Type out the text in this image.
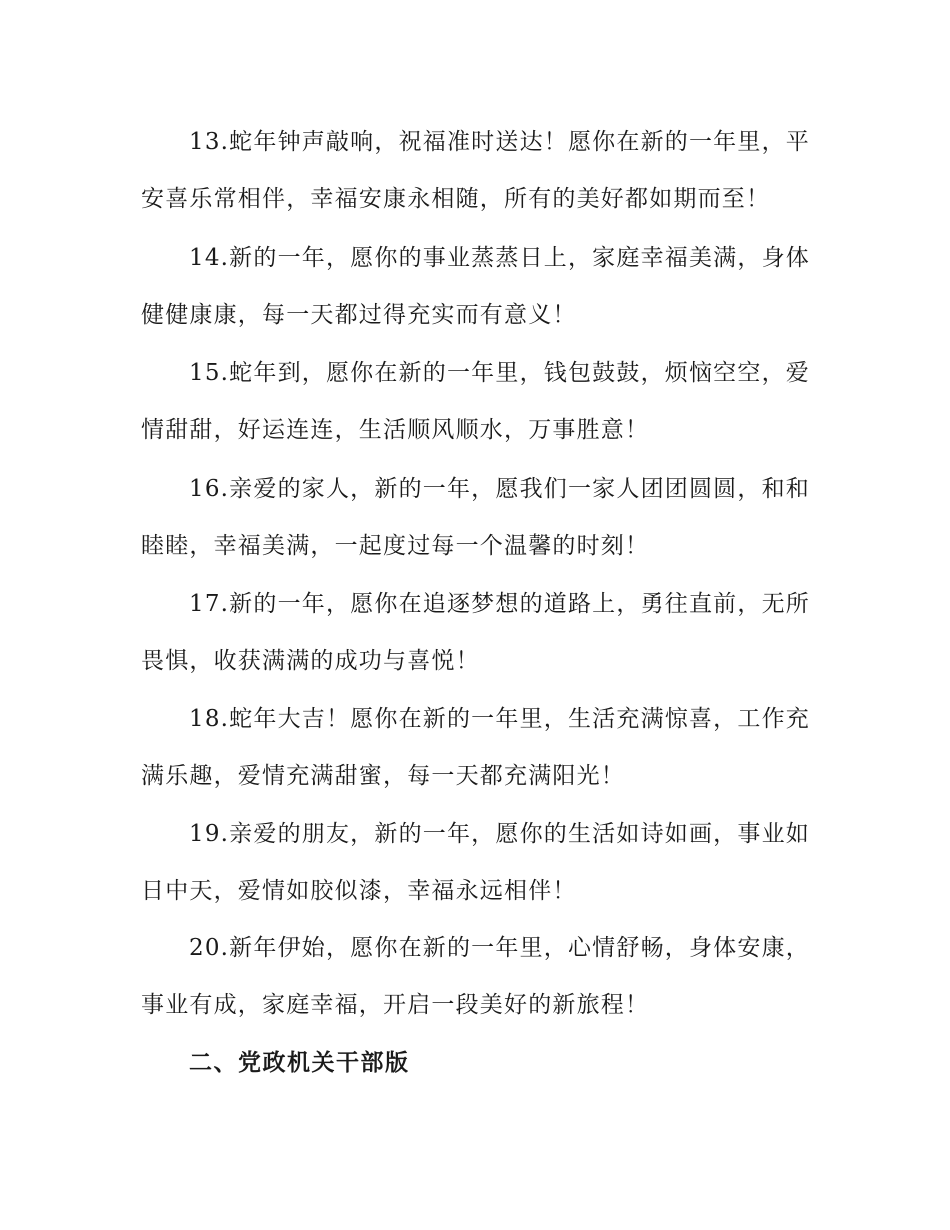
13.蛇年钟声敲响，祝福准时送达！愿你在新的一年里，平安喜乐常相伴，幸福安康永相随，所有的美好都如期而至！

14.新的一年，愿你的事业蒸蒸日上，家庭幸福美满，身体健健康康，每一天都过得充实而有意义！

15.蛇年到，愿你在新的一年里，钱包鼓鼓，烦恼空空，爱情甜甜，好运连连，生活顺风顺水，万事胜意！

16.亲爱的家人，新的一年，愿我们一家人团团圆圆，和和睦睦，幸福美满，一起度过每一个温馨的时刻！

17.新的一年，愿你在追逐梦想的道路上，勇往直前，无所畏惧，收获满满的成功与喜悦！

18.蛇年大吉！愿你在新的一年里，生活充满惊喜，工作充满乐趣，爱情充满甜蜜，每一天都充满阳光！

19.亲爱的朋友，新的一年，愿你的生活如诗如画，事业如日中天，爱情如胶似漆，幸福永远相伴！

20.新年伊始，愿你在新的一年里，心情舒畅，身体安康，事业有成，家庭幸福，开启一段美好的新旅程！

二、党政机关干部版
